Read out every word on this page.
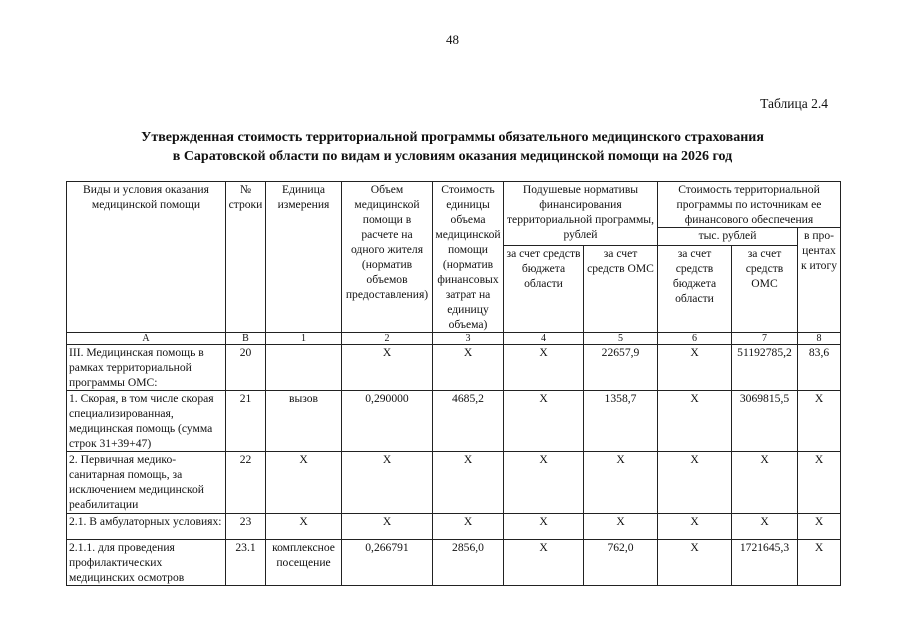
48
Таблица 2.4
Утвержденная стоимость территориальной программы обязательного медицинского страхования
в Саратовской области по видам и условиям оказания медицинской помощи на 2026 год
Виды и условия оказания медицинской помощи	№ строки	Единица измерения	Объем медицинской помощи в расчете на одного жителя (норматив объемов предоставления)	Стоимость единицы объема медицинской помощи (норматив финансовых затрат на единицу объема)	Подушевые нормативы финансирования территориальной программы, рублей		Стоимость территориальной программы по источникам ее финансового обеспечения		
							тыс. рублей		в про-центах к итогу
					за счет средств бюджета области	за счет средств ОМС	за счет средств бюджета области	за счет средств ОМС	
А	В	1	2	3	4	5	6	7	8
III. Медицинская помощь в рамках территориальной программы ОМС:	20		Х	Х	Х	22657,9	Х	51192785,2	83,6
1. Скорая, в том числе скорая специализированная, медицинская помощь (сумма строк 31+39+47)	21	вызов	0,290000	4685,2	Х	1358,7	Х	3069815,5	Х
2. Первичная медико-санитарная помощь, за исключением медицинской реабилитации	22	Х	Х	Х	Х	Х	Х	Х	Х
2.1. В амбулаторных условиях:	23	Х	Х	Х	Х	Х	Х	Х	Х
2.1.1. для проведения профилактических медицинских осмотров	23.1	комплексное посещение	0,266791	2856,0	Х	762,0	Х	1721645,3	Х
